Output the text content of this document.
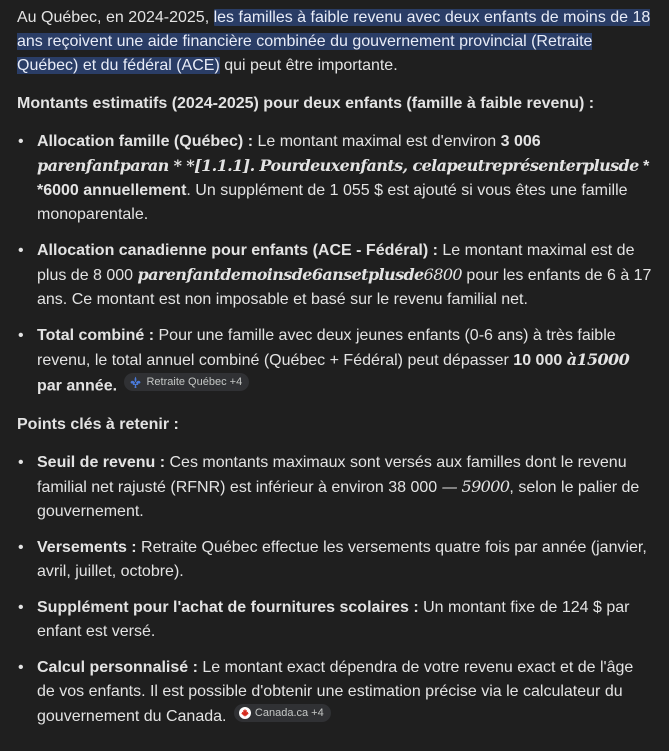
Au Québec, en 2024-2025, les familles à faible revenu avec deux enfants de moins de 18 ans reçoivent une aide financière combinée du gouvernement provincial (Retraite Québec) et du fédéral (ACE) qui peut être importante.

Montants estimatifs (2024-2025) pour deux enfants (famille à faible revenu) :

• Allocation famille (Québec) : Le montant maximal est d'environ 3 006 parenfantparan * *[1.1.1]. Pourdeuxenfants, celapeutreprésenterplusde * *6000 annuellement. Un supplément de 1 055 $ est ajouté si vous êtes une famille monoparentale.
• Allocation canadienne pour enfants (ACE - Fédéral) : Le montant maximal est de plus de 8 000 parenfantdemoinsde6ansetplusde6800 pour les enfants de 6 à 17 ans. Ce montant est non imposable et basé sur le revenu familial net.
• Total combiné : Pour une famille avec deux jeunes enfants (0-6 ans) à très faible revenu, le total annuel combiné (Québec + Fédéral) peut dépasser 10 000 à15000 par année.	Retraite Québec +4

Points clés à retenir :

• Seuil de revenu : Ces montants maximaux sont versés aux familles dont le revenu familial net rajusté (RFNR) est inférieur à environ 38 000 — 59000, selon le palier de gouvernement.
• Versements : Retraite Québec effectue les versements quatre fois par année (janvier, avril, juillet, octobre).
• Supplément pour l'achat de fournitures scolaires : Un montant fixe de 124 $ par enfant est versé.
• Calcul personnalisé : Le montant exact dépendra de votre revenu exact et de l'âge de vos enfants. Il est possible d'obtenir une estimation précise via le calculateur du gouvernement du Canada.	Canada.ca +4
